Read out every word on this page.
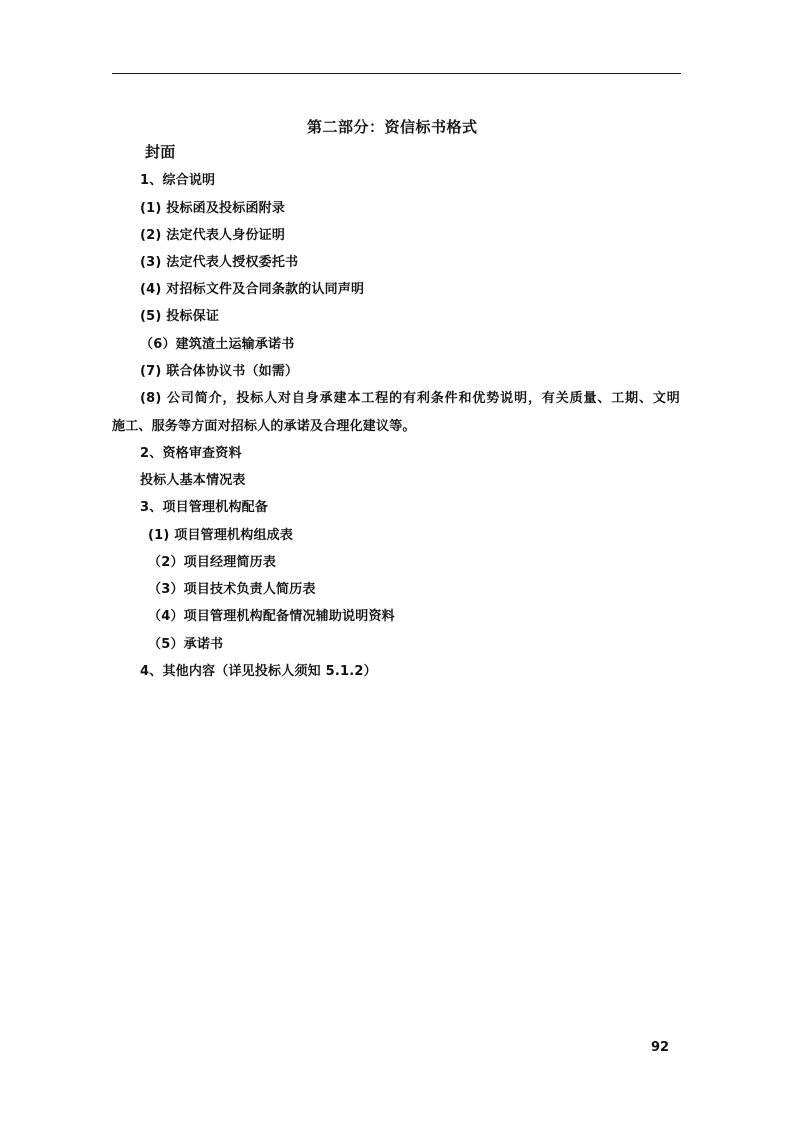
第二部分：资信标书格式
封面
1、综合说明
(1) 投标函及投标函附录
(2) 法定代表人身份证明
(3) 法定代表人授权委托书
(4) 对招标文件及合同条款的认同声明
(5) 投标保证
（6）建筑渣土运输承诺书
(7) 联合体协议书（如需）
(8) 公司简介，投标人对自身承建本工程的有利条件和优势说明，有关质量、工期、文明
施工、服务等方面对招标人的承诺及合理化建议等。
2、资格审查资料
投标人基本情况表
3、项目管理机构配备
(1) 项目管理机构组成表
（2）项目经理简历表
（3）项目技术负责人简历表
（4）项目管理机构配备情况辅助说明资料
（5）承诺书
4、其他内容（详见投标人须知 5.1.2）
92
